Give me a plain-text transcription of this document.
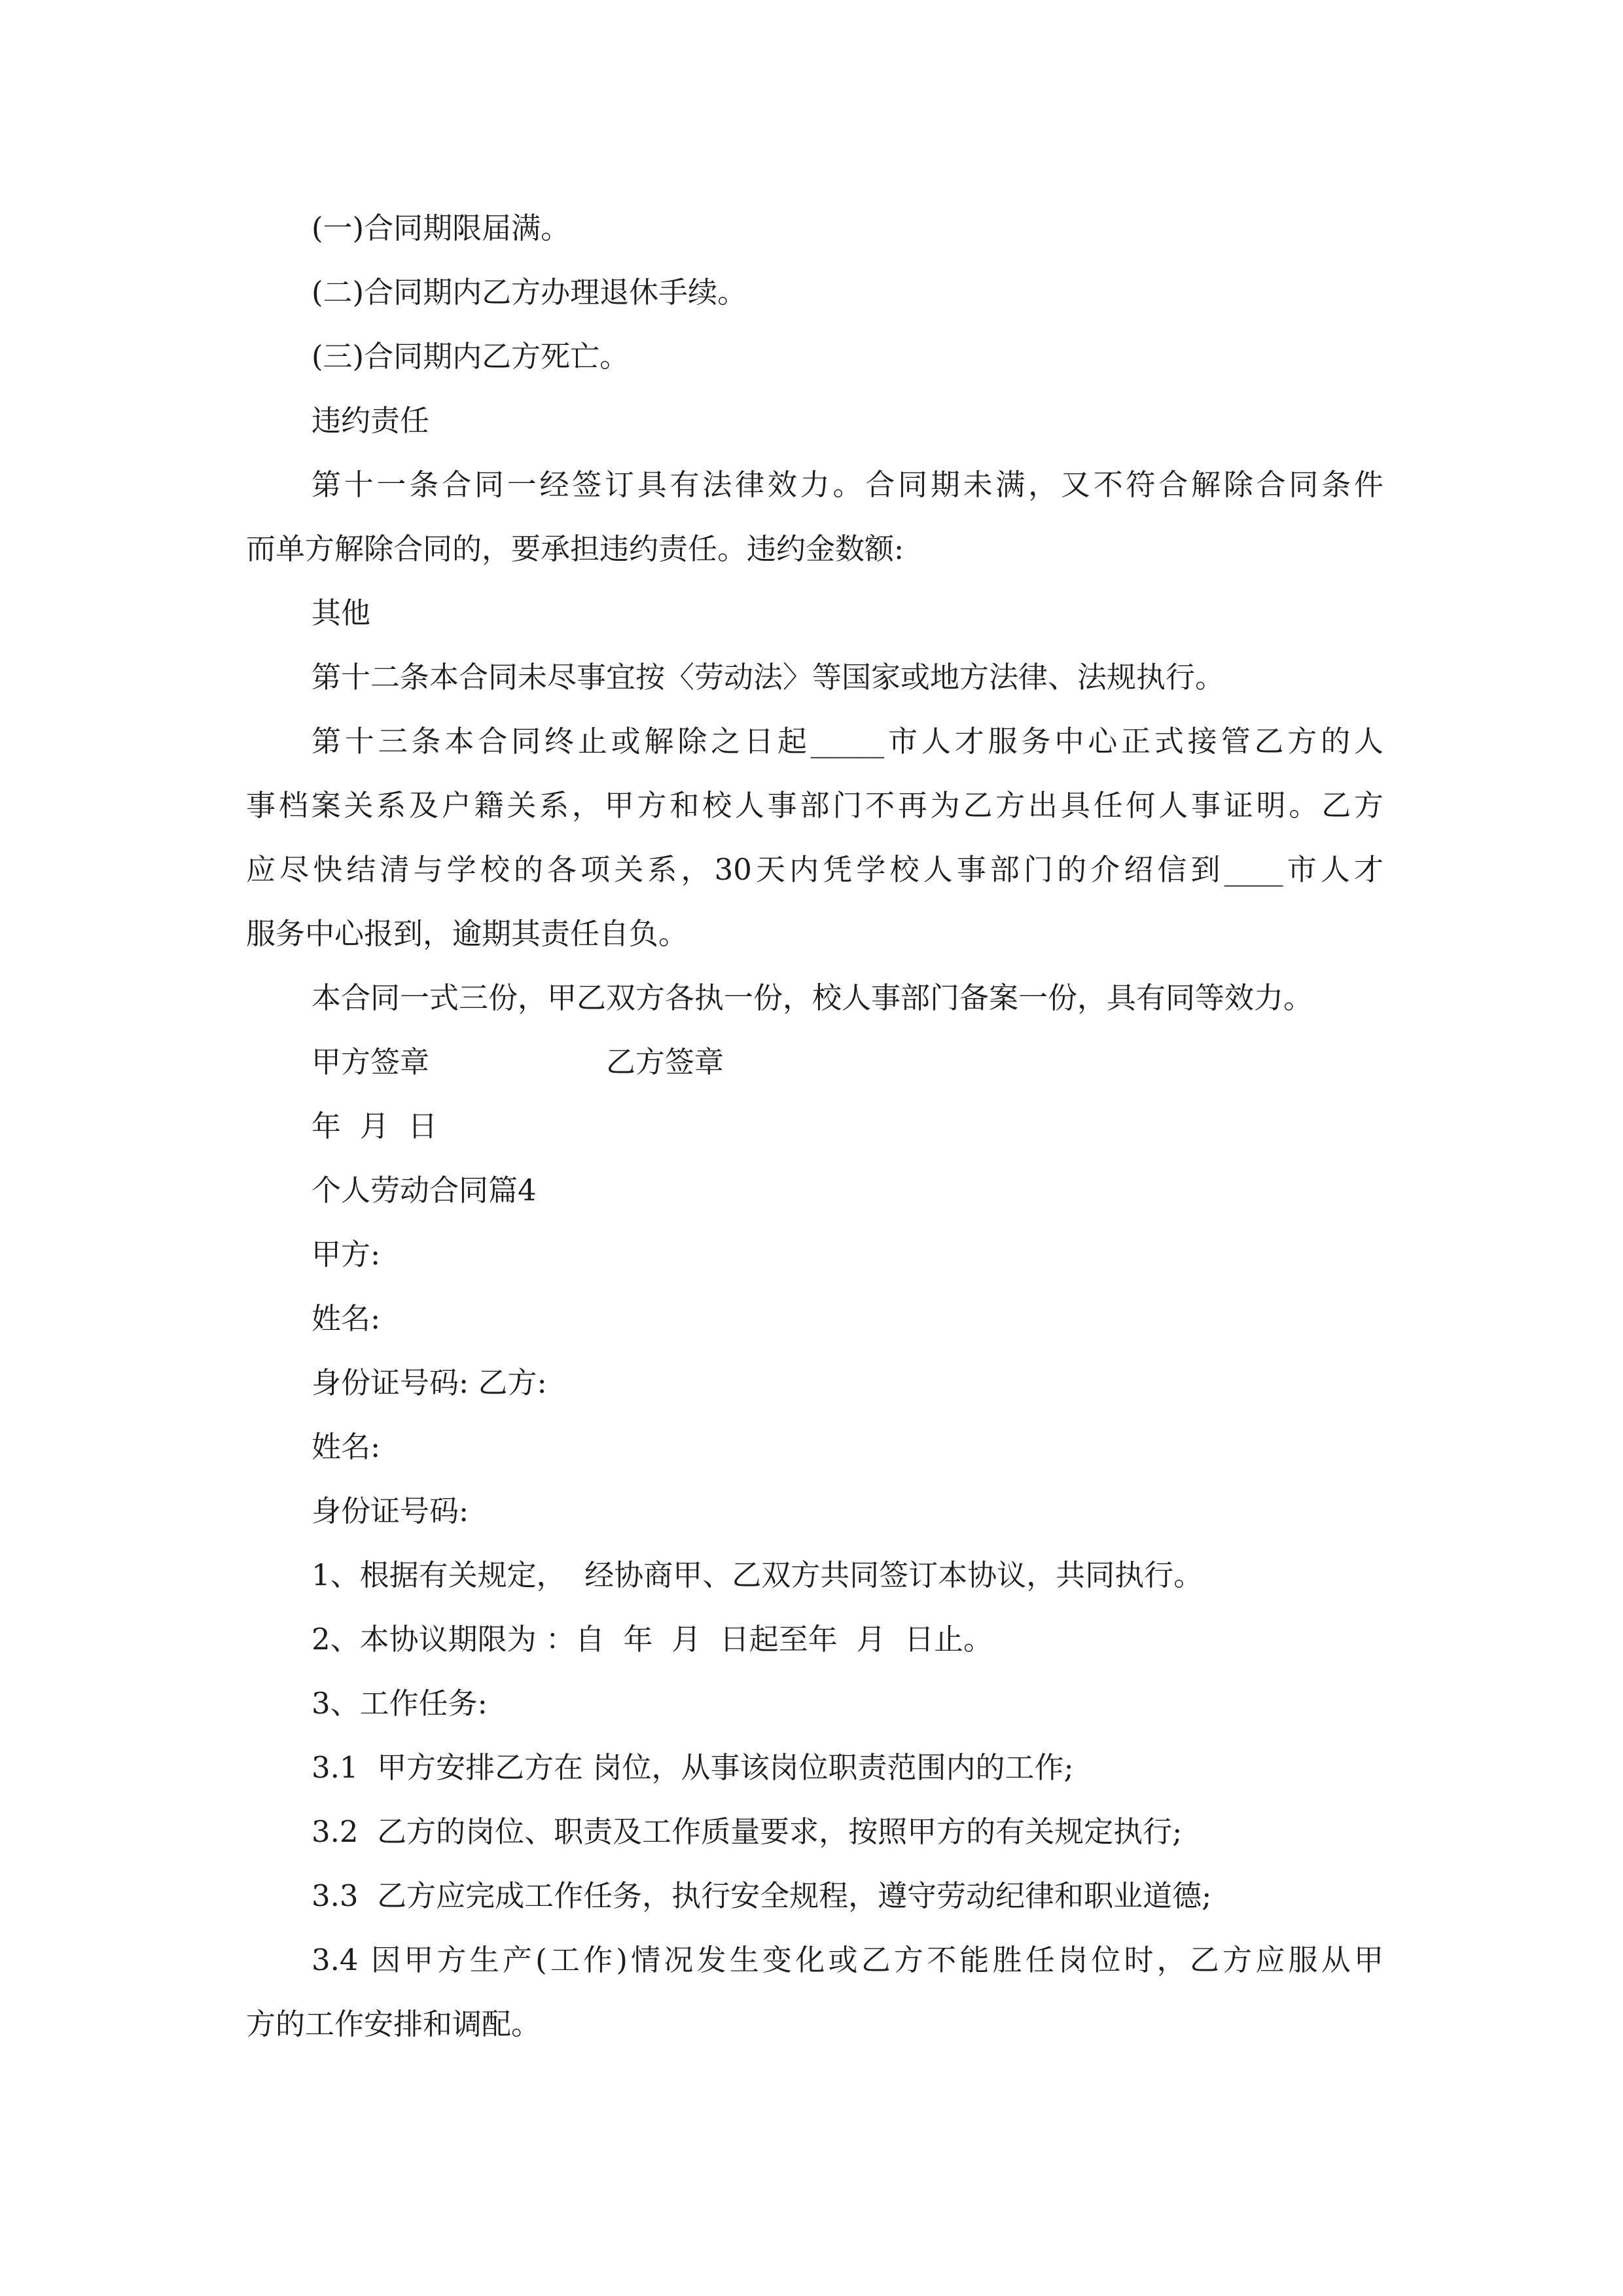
(一)合同期限届满。

(二)合同期内乙方办理退休手续。

(三)合同期内乙方死亡。

违约责任

第十一条合同一经签订具有法律效力。合同期未满，又不符合解除合同条件

而单方解除合同的，要承担违约责任。违约金数额:

其他

第十二条本合同未尽事宜按〈劳动法〉等国家或地方法律、法规执行。

第十三条本合同终止或解除之日起_____市人才服务中心正式接管乙方的人

事档案关系及户籍关系，甲方和校人事部门不再为乙方出具任何人事证明。乙方

应尽快结清与学校的各项关系，30天内凭学校人事部门的介绍信到____市人才

服务中心报到，逾期其责任自负。

本合同一式三份，甲乙双方各执一份，校人事部门备案一份，具有同等效力。

甲方签章	乙方签章

年  月  日

个人劳动合同篇4

甲方:

姓名:

身份证号码: 乙方:

姓名:

身份证号码:

1、根据有关规定，  经协商甲、乙双方共同签订本协议，共同执行。

2、本协议期限为 ：自  年  月  日起至年  月  日止。

3、工作任务:

3.1  甲方安排乙方在 岗位，从事该岗位职责范围内的工作;

3.2  乙方的岗位、职责及工作质量要求，按照甲方的有关规定执行;

3.3  乙方应完成工作任务，执行安全规程，遵守劳动纪律和职业道德;

3.4 因甲方生产(工作)情况发生变化或乙方不能胜任岗位时，乙方应服从甲

方的工作安排和调配。
